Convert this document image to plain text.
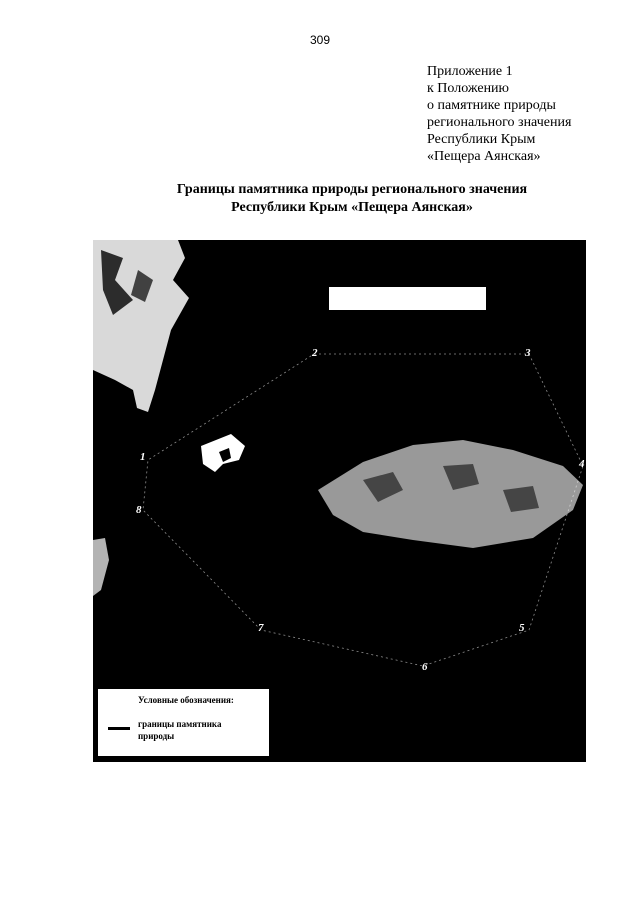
309
Приложение 1
к Положению
о памятнике природы
регионального значения
Республики Крым
«Пещера Аянская»
Границы памятника природы регионального значения
Республики Крым «Пещера Аянская»
1
2	3
4
5
6
7
8
Условные обозначения:
границы памятника
природы
